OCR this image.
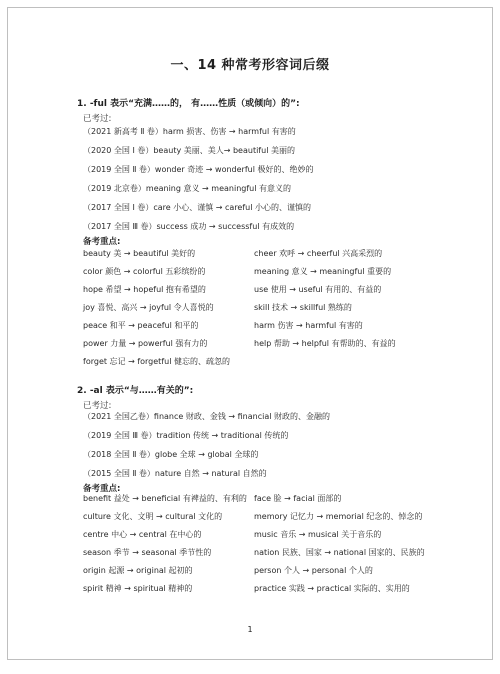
一、14 种常考形容词后缀
1. -ful 表示“充满……的， 有……性质（或倾向）的”:
已考过:
（2021 新高考 Ⅱ 卷）harm 损害、伤害 → harmful 有害的
（2020 全国 Ⅰ 卷）beauty 美丽、美人→ beautiful 美丽的
（2019 全国 Ⅱ 卷）wonder 奇迹 → wonderful 极好的、绝妙的
（2019 北京卷）meaning 意义 → meaningful 有意义的
（2017 全国 Ⅰ 卷）care 小心、谨慎 → careful 小心的、谨慎的
（2017 全国 Ⅲ 卷）success 成功 → successful 有成效的
备考重点:
beauty 美 → beautiful 美好的	cheer 欢呼 → cheerful 兴高采烈的
color 颜色 → colorful 五彩缤纷的	meaning 意义 → meaningful 重要的
hope 希望 → hopeful 抱有希望的	use 使用 → useful 有用的、有益的
joy 喜悦、高兴 → joyful 令人喜悦的	skill 技术 → skillful 熟练的
peace 和平 → peaceful 和平的	harm 伤害 → harmful 有害的
power 力量 → powerful 强有力的	help 帮助 → helpful 有帮助的、有益的
forget 忘记 → forgetful 健忘的、疏忽的
2. -al 表示“与……有关的”:
已考过:
（2021 全国乙卷）finance 财政、金钱 → financial 财政的、金融的
（2019 全国 Ⅲ 卷）tradition 传统 → traditional 传统的
（2018 全国 Ⅱ 卷）globe 全球 → global 全球的
（2015 全国 Ⅱ 卷）nature 自然 → natural 自然的
备考重点:
benefit 益处 → beneficial 有裨益的、有利的 face 脸 → facial 面部的
culture 文化、文明 → cultural 文化的	memory 记忆力 → memorial 纪念的、悼念的
centre 中心 → central 在中心的	music 音乐 → musical 关于音乐的
season 季节 → seasonal 季节性的	nation 民族、国家 → national 国家的、民族的
origin 起源 → original 起初的	person 个人 → personal 个人的
spirit 精神 → spiritual 精神的	practice 实践 → practical 实际的、实用的
1
